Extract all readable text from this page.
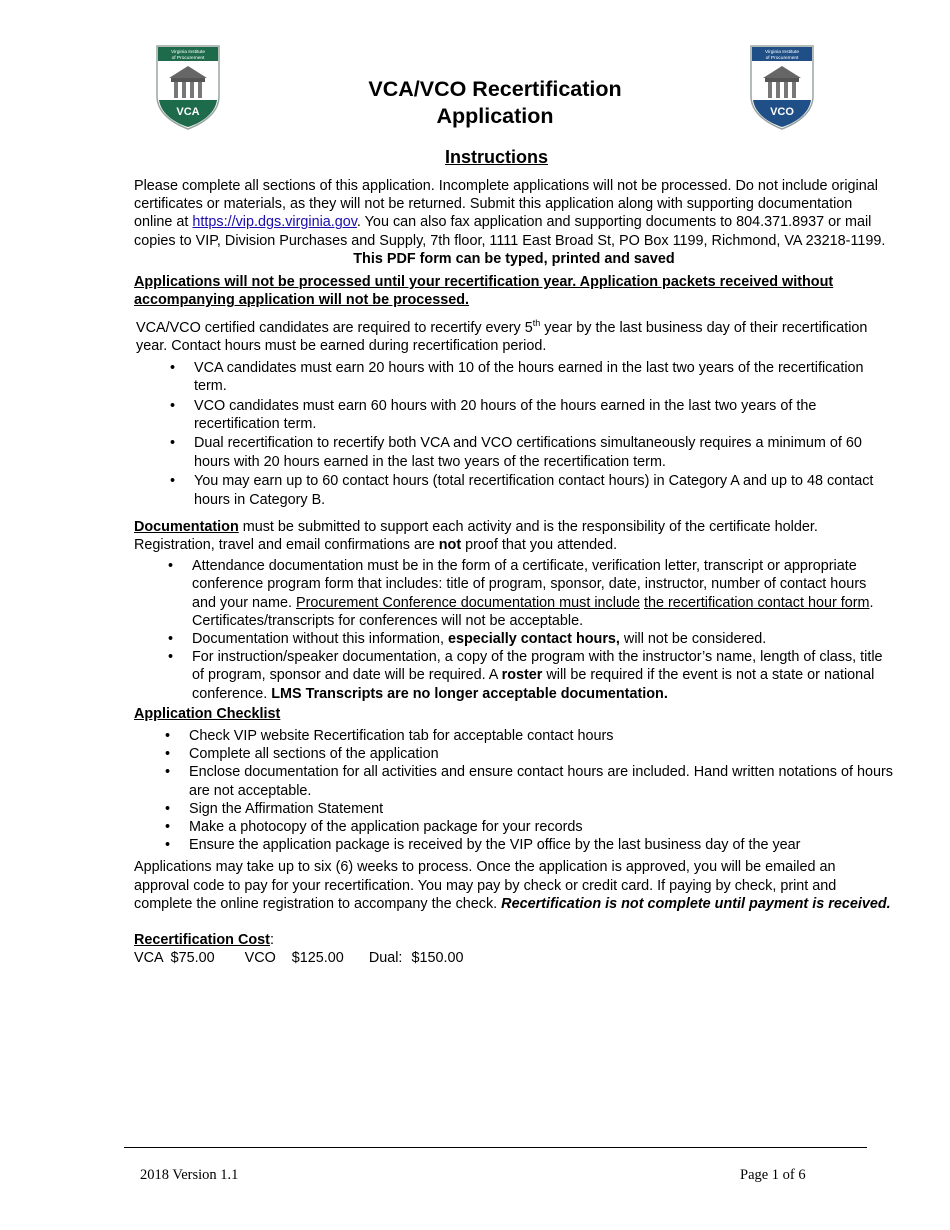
Virginia Institute
of Procurement
VCA
Virginia Institute
of Procurement
VCO
VCA/VCO Recertification
Application
Instructions

Please complete all sections of this application. Incomplete applications will not be processed. Do not include original certificates or materials, as they will not be returned. Submit this application along with supporting documentation online at https://vip.dgs.virginia.gov. You can also fax application and supporting documents to 804.371.8937 or mail copies to VIP, Division Purchases and Supply, 7th floor, 1111 East Broad St, PO Box 1199, Richmond, VA 23218-1199.

This PDF form can be typed, printed and saved

Applications will not be processed until your recertification year. Application packets received without accompanying application will not be processed.

VCA/VCO certified candidates are required to recertify every 5th year by the last business day of their recertification year. Contact hours must be earned during recertification period.

• VCA candidates must earn 20 hours with 10 of the hours earned in the last two years of the recertification term.
• VCO candidates must earn 60 hours with 20 hours of the hours earned in the last two years of the recertification term.
• Dual recertification to recertify both VCA and VCO certifications simultaneously requires a minimum of 60 hours with 20 hours earned in the last two years of the recertification term.
• You may earn up to 60 contact hours (total recertification contact hours) in Category A and up to 48 contact hours in Category B.

Documentation must be submitted to support each activity and is the responsibility of the certificate holder. Registration, travel and email confirmations are not proof that you attended.

• Attendance documentation must be in the form of a certificate, verification letter, transcript or appropriate conference program form that includes: title of program, sponsor, date, instructor, number of contact hours and your name. Procurement Conference documentation must include the recertification contact hour form. Certificates/transcripts for conferences will not be acceptable.
• Documentation without this information, especially contact hours, will not be considered.
• For instruction/speaker documentation, a copy of the program with the instructor’s name, length of class, title of program, sponsor and date will be required. A roster will be required if the event is not a state or national conference. LMS Transcripts are no longer acceptable documentation.

Application Checklist

• Check VIP website Recertification tab for acceptable contact hours
• Complete all sections of the application
• Enclose documentation for all activities and ensure contact hours are included. Hand written notations of hours are not acceptable.
• Sign the Affirmation Statement
• Make a photocopy of the application package for your records
• Ensure the application package is received by the VIP office by the last business day of the year

Applications may take up to six (6) weeks to process. Once the application is approved, you will be emailed an approval code to pay for your recertification. You may pay by check or credit card. If paying by check, print and complete the online registration to accompany the check. Recertification is not complete until payment is received.

Recertification Cost:

VCA $75.00 VCO $125.00 Dual: $150.00

2018 Version 1.1	Page 1 of 6
